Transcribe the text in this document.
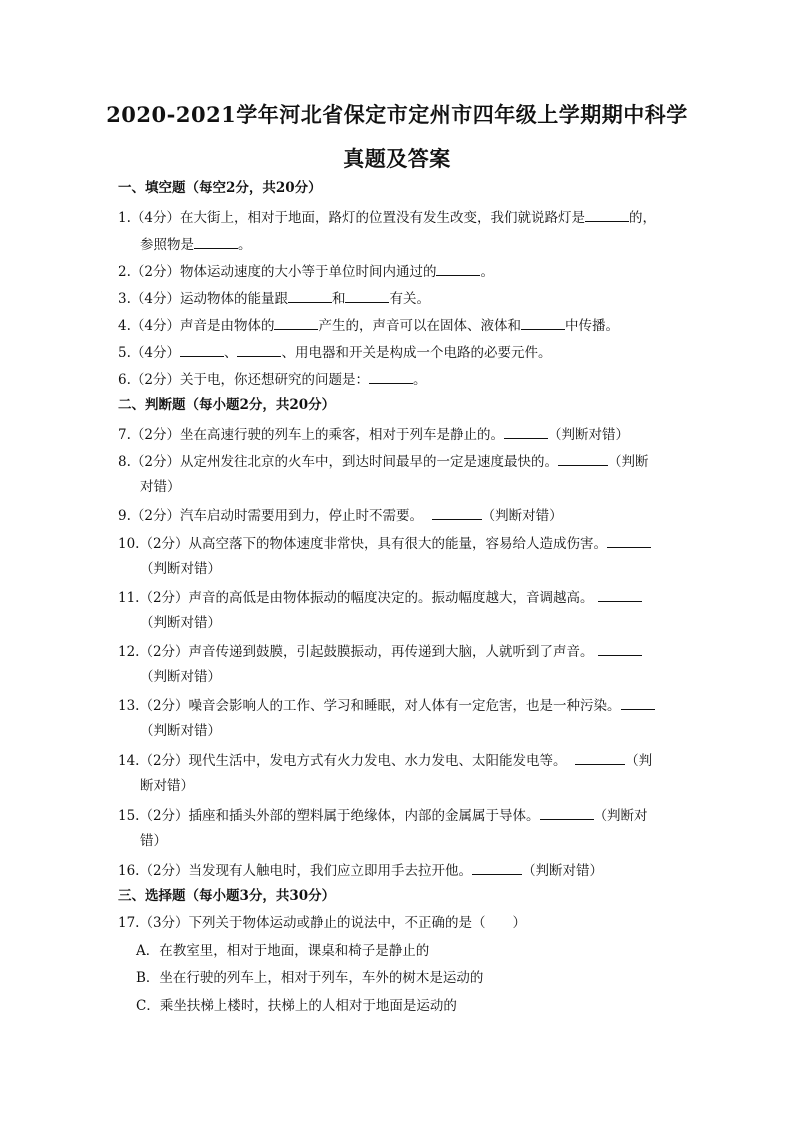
2020-2021学年河北省保定市定州市四年级上学期期中科学
真题及答案
一、填空题（每空2分，共20分）
1.（4分）在大街上，相对于地面，路灯的位置没有发生改变，我们就说路灯是	的，
参照物是	。
2.（2分）物体运动速度的大小等于单位时间内通过的	。
3.（4分）运动物体的能量跟	和	有关。
4.（4分）声音是由物体的	产生的，声音可以在固体、液体和	中传播。
5.（4分）	、	、用电器和开关是构成一个电路的必要元件。
6.（2分）关于电，你还想研究的问题是：	。
二、判断题（每小题2分，共20分）
7.（2分）坐在高速行驶的列车上的乘客，相对于列车是静止的。	（判断对错）
8.（2分）从定州发往北京的火车中，到达时间最早的一定是速度最快的。	（判断
对错）
9.（2分）汽车启动时需要用到力，停止时不需要。	（判断对错）
10.（2分）从高空落下的物体速度非常快，具有很大的能量，容易给人造成伤害。
（判断对错）
11.（2分）声音的高低是由物体振动的幅度决定的。振动幅度越大，音调越高。
（判断对错）
12.（2分）声音传递到鼓膜，引起鼓膜振动，再传递到大脑，人就听到了声音。
（判断对错）
13.（2分）噪音会影响人的工作、学习和睡眠，对人体有一定危害，也是一种污染。
（判断对错）
14.（2分）现代生活中，发电方式有火力发电、水力发电、太阳能发电等。	（判
断对错）
15.（2分）插座和插头外部的塑料属于绝缘体，内部的金属属于导体。	（判断对
错）
16.（2分）当发现有人触电时，我们应立即用手去拉开他。	（判断对错）
三、选择题（每小题3分，共30分）
17.（3分）下列关于物体运动或静止的说法中，不正确的是（　　）
A．在教室里，相对于地面，课桌和椅子是静止的
B．坐在行驶的列车上，相对于列车，车外的树木是运动的
C．乘坐扶梯上楼时，扶梯上的人相对于地面是运动的
